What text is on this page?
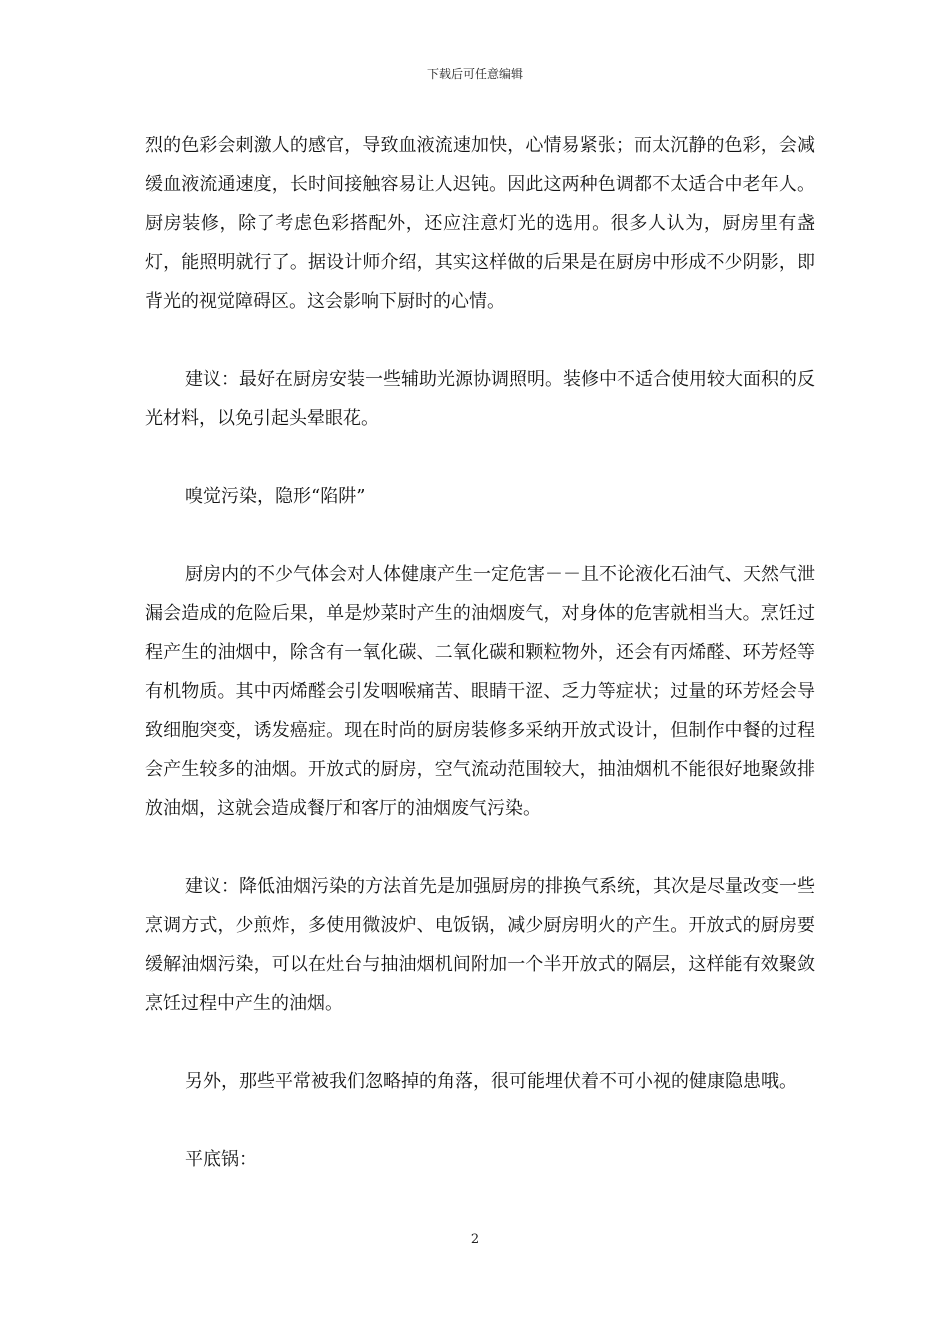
下载后可任意编辑

烈的色彩会刺激人的感官，导致血液流速加快，心情易紧张；而太沉静的色彩，会减缓血液流通速度，长时间接触容易让人迟钝。因此这两种色调都不太适合中老年人。厨房装修，除了考虑色彩搭配外，还应注意灯光的选用。很多人认为，厨房里有盏灯，能照明就行了。据设计师介绍，其实这样做的后果是在厨房中形成不少阴影，即背光的视觉障碍区。这会影响下厨时的心情。

建议：最好在厨房安装一些辅助光源协调照明。装修中不适合使用较大面积的反光材料，以免引起头晕眼花。

嗅觉污染，隐形“陷阱”

厨房内的不少气体会对人体健康产生一定危害－－且不论液化石油气、天然气泄漏会造成的危险后果，单是炒菜时产生的油烟废气，对身体的危害就相当大。烹饪过程产生的油烟中，除含有一氧化碳、二氧化碳和颗粒物外，还会有丙烯醛、环芳烃等有机物质。其中丙烯醛会引发咽喉痛苦、眼睛干涩、乏力等症状；过量的环芳烃会导致细胞突变，诱发癌症。现在时尚的厨房装修多采纳开放式设计，但制作中餐的过程会产生较多的油烟。开放式的厨房，空气流动范围较大，抽油烟机不能很好地聚敛排放油烟，这就会造成餐厅和客厅的油烟废气污染。

建议：降低油烟污染的方法首先是加强厨房的排换气系统，其次是尽量改变一些烹调方式，少煎炸，多使用微波炉、电饭锅，减少厨房明火的产生。开放式的厨房要缓解油烟污染，可以在灶台与抽油烟机间附加一个半开放式的隔层，这样能有效聚敛烹饪过程中产生的油烟。

另外，那些平常被我们忽略掉的角落，很可能埋伏着不可小视的健康隐患哦。

平底锅：

2
